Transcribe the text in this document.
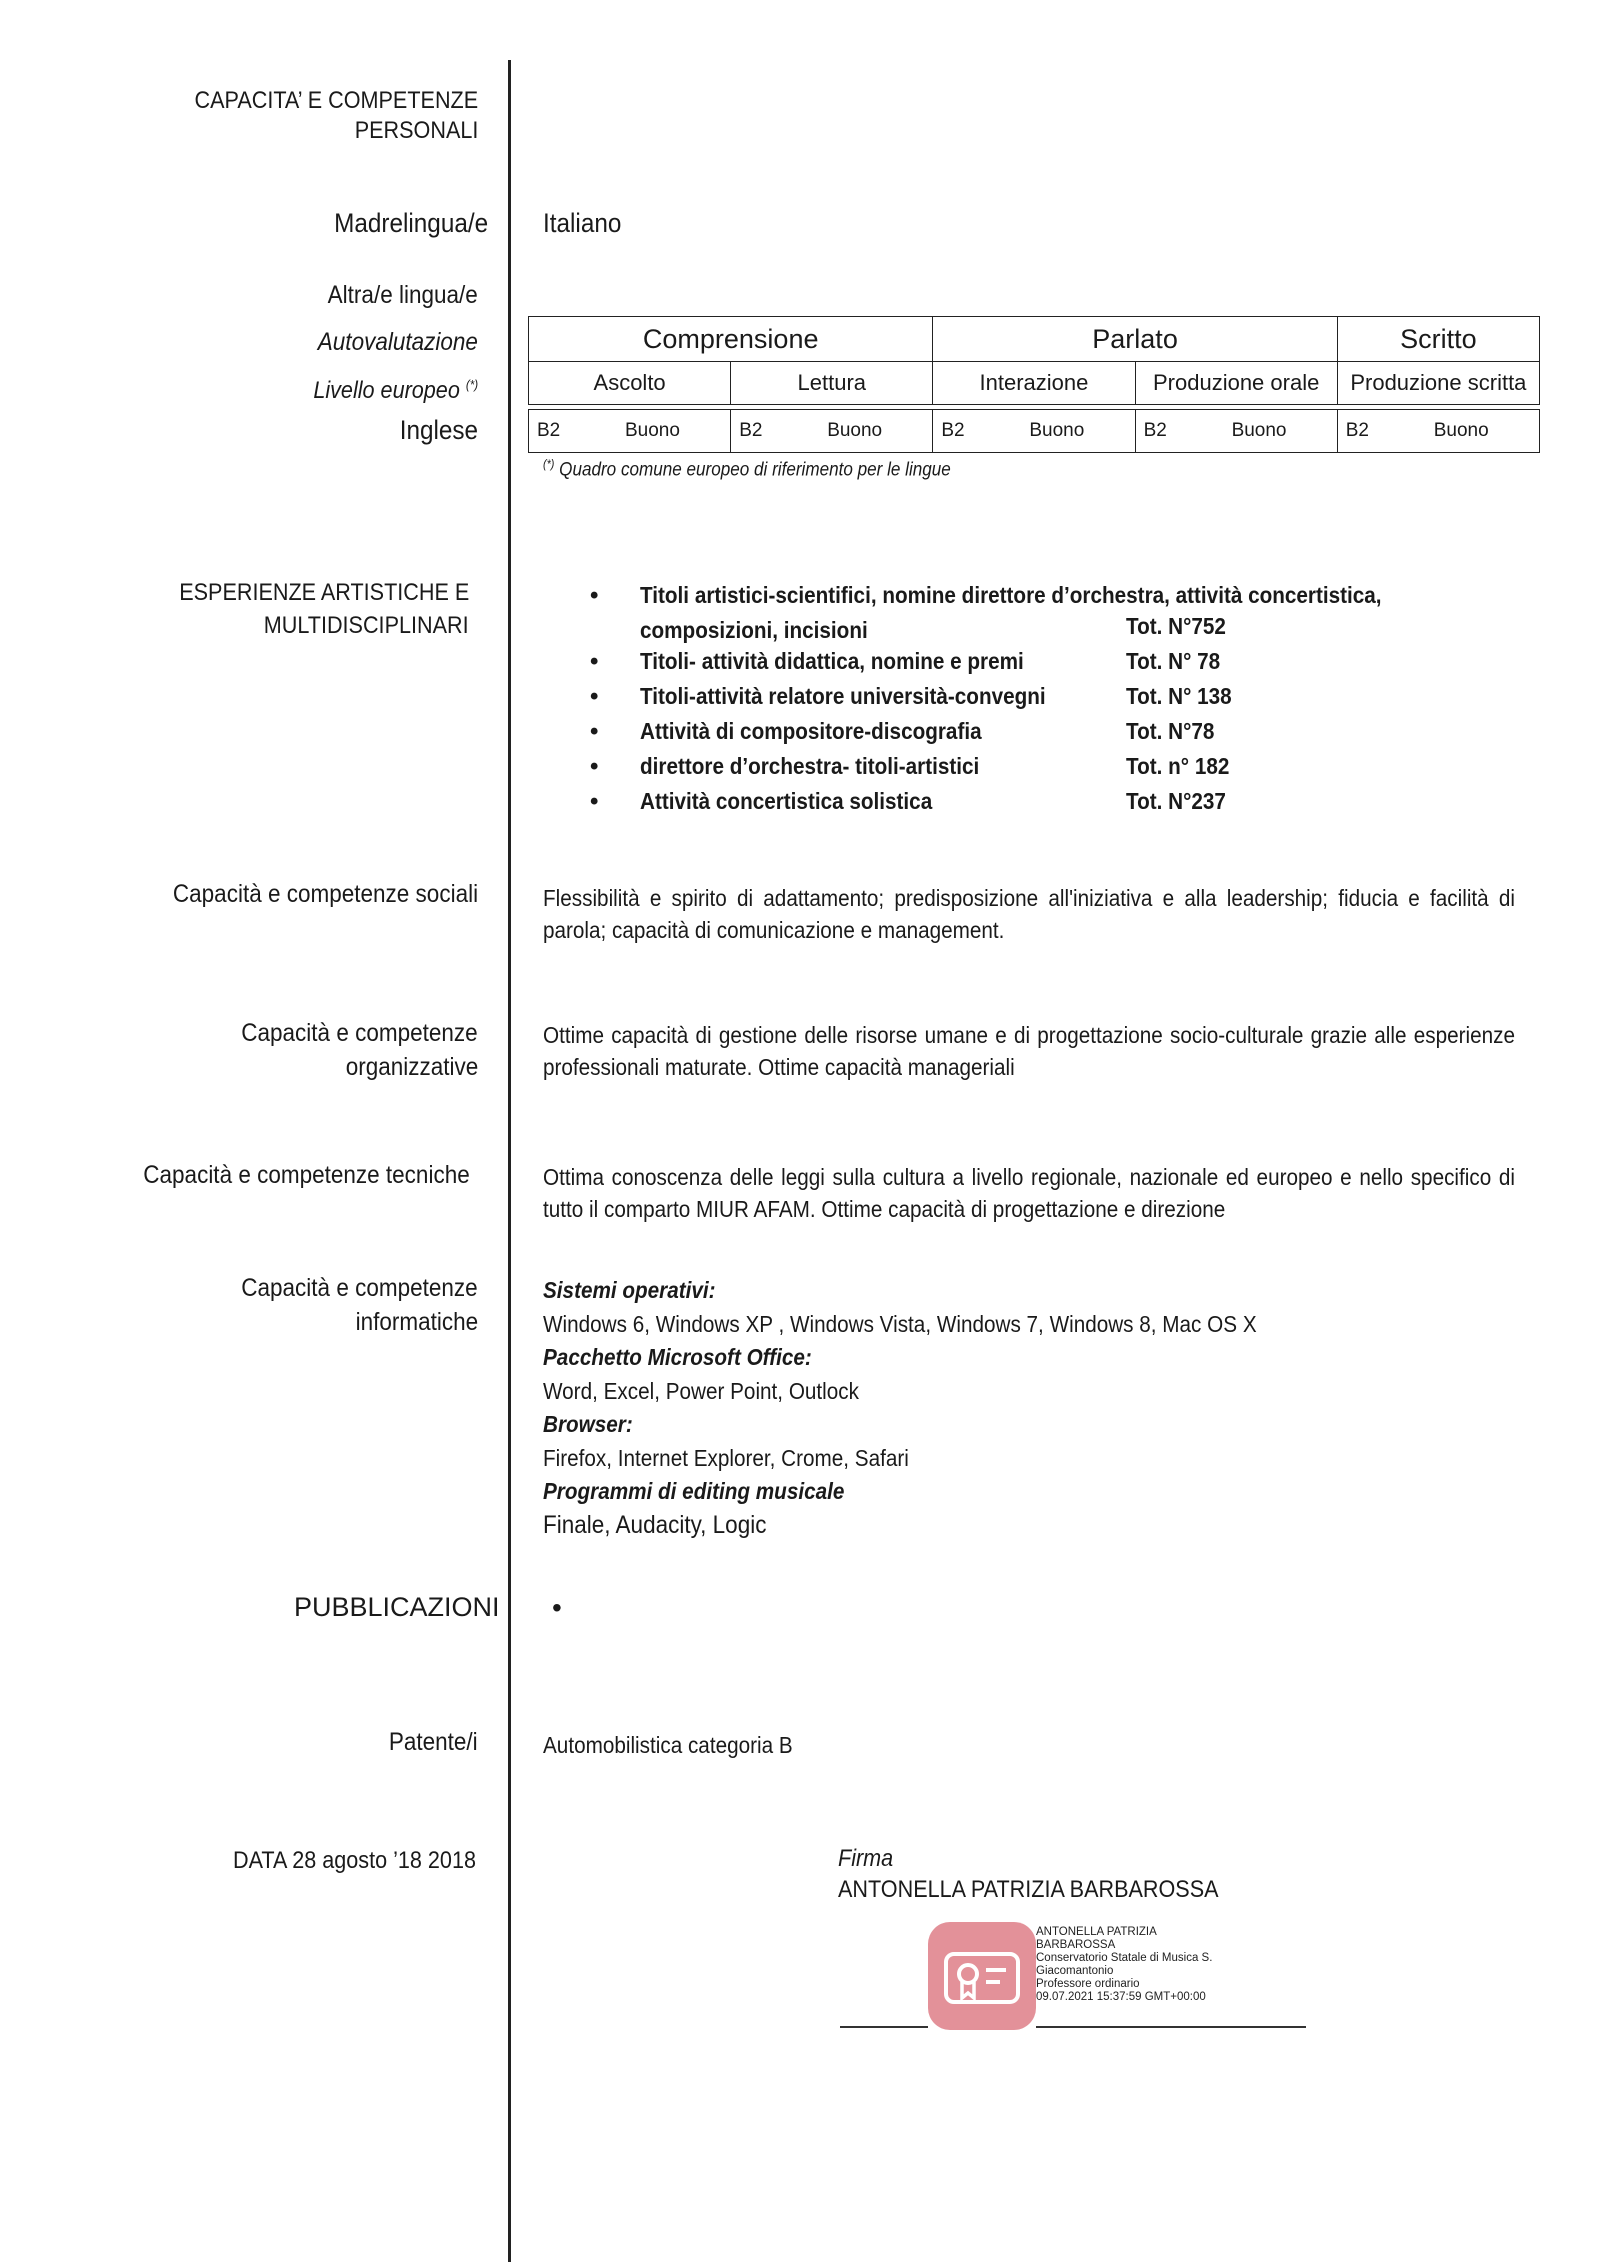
CAPACITA’ E COMPETENZE
PERSONALI
Madrelingua/e Italiano
Altra/e lingua/e
Autovalutazione
Livello europeo (*)
Inglese
Comprensione		Parlato		Scritto
Ascolto	Lettura	Interazione	Produzione orale	Produzione scritta

B2 Buono	B2 Buono	B2 Buono	B2 Buono	B2 Buono
(*) Quadro comune europeo di riferimento per le lingue
ESPERIENZE ARTISTICHE E
MULTIDISCIPLINARI
• Titoli artistici-scientifici, nomine direttore d’orchestra, attività concertistica,
composizioni, incisioni	Tot. N°752
• Titoli- attività didattica, nomine e premi	Tot. N° 78
• Titoli-attività relatore università-convegni	Tot. N° 138
• Attività di compositore-discografia	Tot. N°78
• direttore d’orchestra- titoli-artistici	Tot. n° 182
• Attività concertistica solistica	Tot. N°237
Capacità e competenze sociali	Flessibilità e spirito di adattamento; predisposizione all'iniziativa e alla leadership; fiducia e facilità di parola; capacità di comunicazione e management.
Capacità e competenze
organizzative
Ottime capacità di gestione delle risorse umane e di progettazione socio-culturale grazie alle esperienze professionali maturate. Ottime capacità manageriali
Capacità e competenze tecniche	Ottima conoscenza delle leggi sulla cultura a livello regionale, nazionale ed europeo e nello specifico di tutto il comparto MIUR AFAM. Ottime capacità di progettazione e direzione
Capacità e competenze
informatiche
Sistemi operativi:
Windows 6, Windows XP , Windows Vista, Windows 7, Windows 8, Mac OS X
Pacchetto Microsoft Office:
Word, Excel, Power Point, Outlock
Browser:
Firefox, Internet Explorer, Crome, Safari
Programmi di editing musicale
Finale, Audacity, Logic
PUBBLICAZIONI •
Patente/i	Automobilistica categoria B
DATA 28 agosto ’18 2018	Firma
ANTONELLA PATRIZIA BARBAROSSA
ANTONELLA PATRIZIA
BARBAROSSA
Conservatorio Statale di Musica S.
Giacomantonio
Professore ordinario
09.07.2021 15:37:59 GMT+00:00
